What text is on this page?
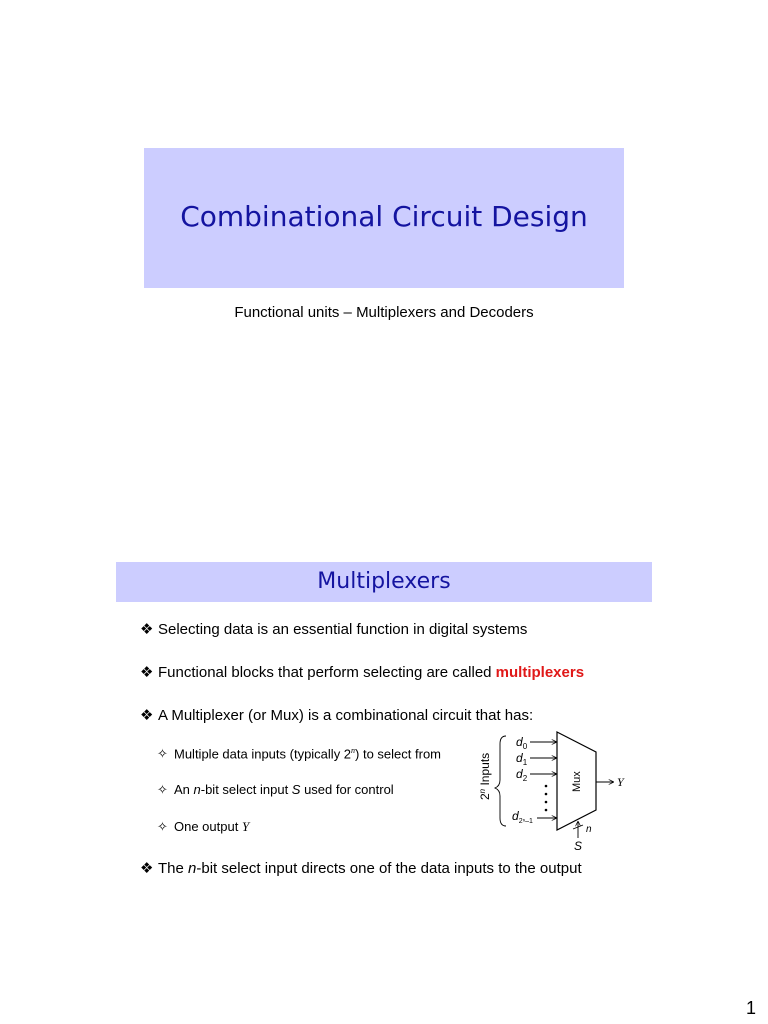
Combinational Circuit Design
Functional units – Multiplexers and Decoders
Multiplexers
❖ Selecting data is an essential function in digital systems
❖ Functional blocks that perform selecting are called multiplexers
❖ A Multiplexer (or Mux) is a combinational circuit that has:
✧ Multiple data inputs (typically 2$^n$) to select from
✧ An n-bit select input S used for control
✧ One output Y
❖ The n-bit select input directs one of the data inputs to the output
2$^n$ Inputs
$d_0$
$d_1$
$d_2$
$d_{2^n-1}$
Mux	Y
n
S
1
